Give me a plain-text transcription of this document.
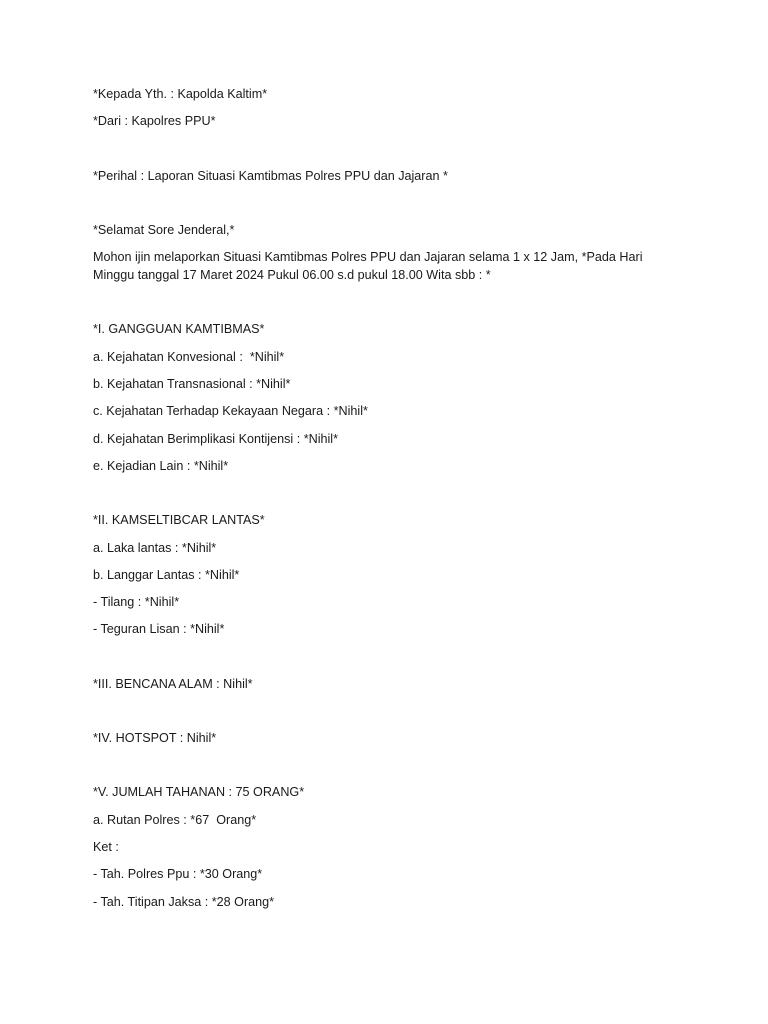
*Kepada Yth. : Kapolda Kaltim*
*Dari : Kapolres PPU*
*Perihal : Laporan Situasi Kamtibmas Polres PPU dan Jajaran *
*Selamat Sore Jenderal,*
Mohon ijin melaporkan Situasi Kamtibmas Polres PPU dan Jajaran selama 1 x 12 Jam, *Pada Hari Minggu tanggal 17 Maret 2024 Pukul 06.00 s.d pukul 18.00 Wita sbb : *
*I. GANGGUAN KAMTIBMAS*
a. Kejahatan Konvesional :  *Nihil*
b. Kejahatan Transnasional : *Nihil*
c. Kejahatan Terhadap Kekayaan Negara : *Nihil*
d. Kejahatan Berimplikasi Kontijensi : *Nihil*
e. Kejadian Lain : *Nihil*
*II. KAMSELTIBCAR LANTAS*
a. Laka lantas : *Nihil*
b. Langgar Lantas : *Nihil*
- Tilang : *Nihil*
- Teguran Lisan : *Nihil*
*III. BENCANA ALAM : Nihil*
*IV. HOTSPOT : Nihil*
*V. JUMLAH TAHANAN : 75 ORANG*
a. Rutan Polres : *67  Orang*
Ket :
- Tah. Polres Ppu : *30 Orang*
- Tah. Titipan Jaksa : *28 Orang*
